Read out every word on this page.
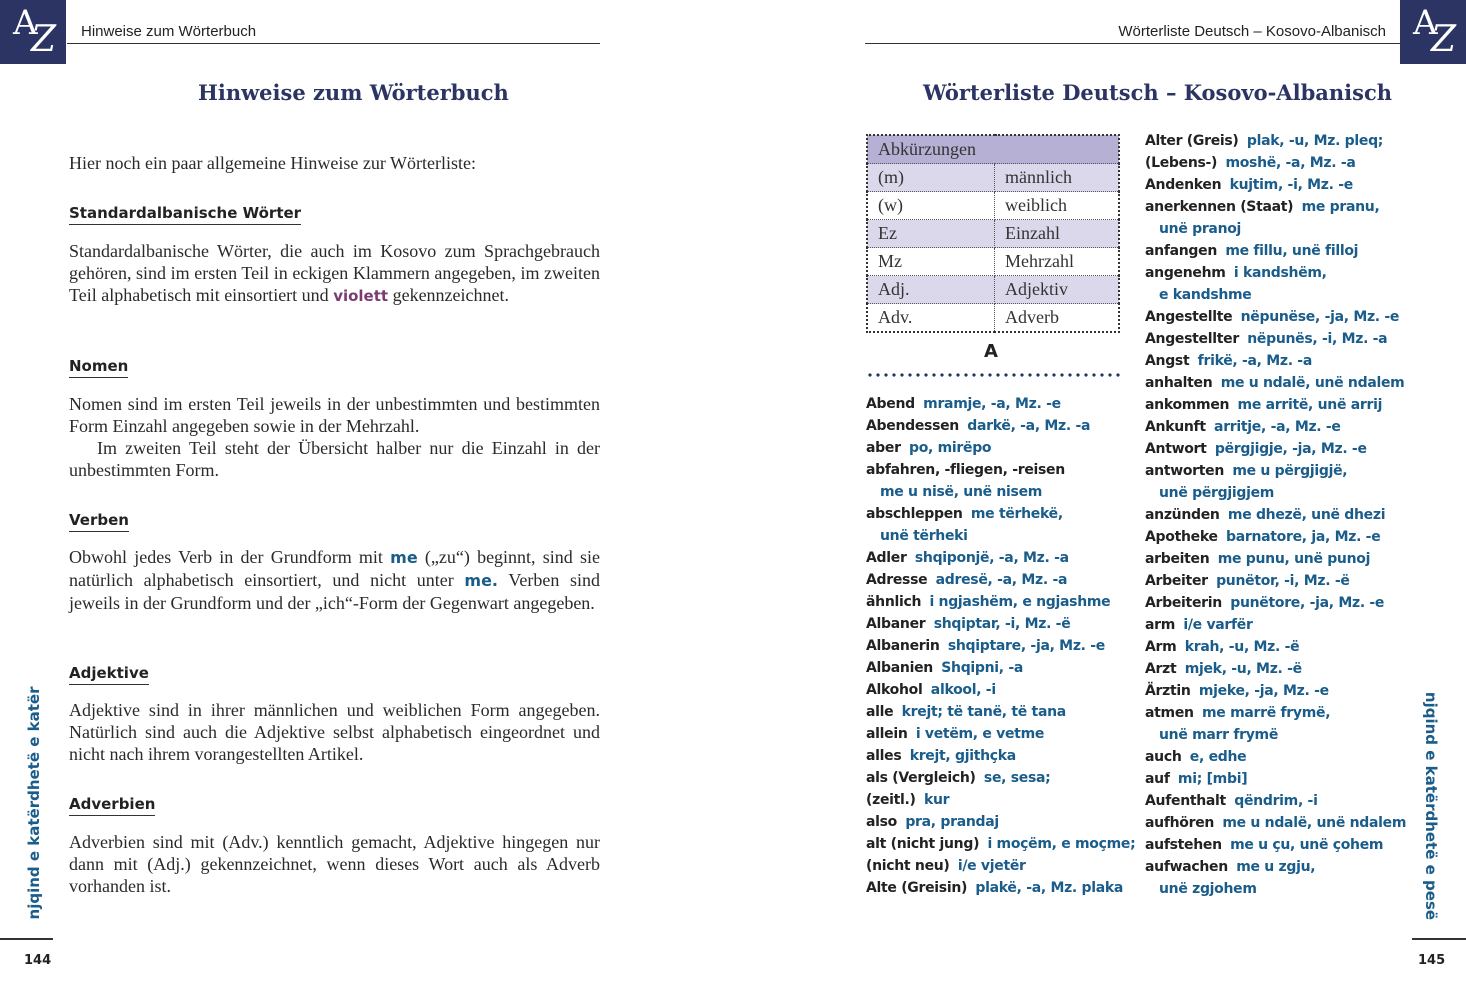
A
Z Hinweise zum Wörterbuch
Hinweise zum Wörterbuch
Hier noch ein paar allgemeine Hinweise zur Wörterliste:
Standardalbanische Wörter
Standardalbanische Wörter, die auch im Kosovo zum Sprachgebrauch gehören, sind im ersten Teil in eckigen Klammern angegeben, im zweiten Teil alphabetisch mit einsortiert und violett gekennzeichnet.
Nomen

Nomen sind im ersten Teil jeweils in der unbestimmten und bestimmten Form Einzahl angegeben sowie in der Mehrzahl.

Im zweiten Teil steht der Übersicht halber nur die Einzahl in der unbestimmten Form.

Verben
Obwohl jedes Verb in der Grundform mit me („zu“) beginnt, sind sie natürlich alphabetisch einsortiert, und nicht unter me. Verben sind jeweils in der Grundform und der „ich“-Form der Gegenwart angegeben.
Adjektive
Adjektive sind in ihrer männlichen und weiblichen Form angegeben. Natürlich sind auch die Adjektive selbst alphabetisch eingeordnet und nicht nach ihrem vorangestellten Artikel.
Adverbien
Adverbien sind mit (Adv.) kenntlich gemacht, Adjektive hingegen nur dann mit (Adj.) gekennzeichnet, wenn dieses Wort auch als Adverb vorhanden ist.
njqind e katërdhetë e katër
144
A
Z
Wörterliste Deutsch – Kosovo-Albanisch
Wörterliste Deutsch – Kosovo-Albanisch
Abkürzungen	
(m)	männlich
(w)	weiblich
Ez	Einzahl
Mz	Mehrzahl
Adj.	Adjektiv
Adv.	Adverb
A
Abend mramje, -a, Mz. -e
Abendessen darkë, -a, Mz. -a
aber po, mirëpo
abfahren, -fliegen, -reisen
me u nisë, unë nisem
abschleppen me tërhekë,
unë tërheki
Adler shqiponjë, -a, Mz. -a
Adresse adresë, -a, Mz. -a
ähnlich i ngjashëm, e ngjashme
Albaner shqiptar, -i, Mz. -ë
Albanerin shqiptare, -ja, Mz. -e
Albanien Shqipni, -a
Alkohol alkool, -i
alle krejt; të tanë, të tana
allein i vetëm, e vetme
alles krejt, gjithçka
als (Vergleich) se, sesa;
(zeitl.) kur
also pra, prandaj
alt (nicht jung) i moçëm, e moçme;
(nicht neu) i/e vjetër
Alte (Greisin) plakë, -a, Mz. plaka
Alter (Greis) plak, -u, Mz. pleq;
(Lebens-) moshë, -a, Mz. -a
Andenken kujtim, -i, Mz. -e
anerkennen (Staat) me pranu,
unë pranoj
anfangen me fillu, unë filloj
angenehm i kandshëm,
e kandshme
Angestellte nëpunëse, -ja, Mz. -e
Angestellter nëpunës, -i, Mz. -a
Angst frikë, -a, Mz. -a
anhalten me u ndalë, unë ndalem
ankommen me arritë, unë arrij
Ankunft arritje, -a, Mz. -e
Antwort përgjigje, -ja, Mz. -e
antworten me u përgjigjë,
unë përgjigjem
anzünden me dhezë, unë dhezi
Apotheke barnatore, ja, Mz. -e
arbeiten me punu, unë punoj
Arbeiter punëtor, -i, Mz. -ë
Arbeiterin punëtore, -ja, Mz. -e
arm i/e varfër
Arm krah, -u, Mz. -ë
Arzt mjek, -u, Mz. -ë
Ärztin mjeke, -ja, Mz. -e
atmen me marrë frymë,
unë marr frymë
auch e, edhe
auf mi; [mbi]
Aufenthalt qëndrim, -i
aufhören me u ndalë, unë ndalem
aufstehen me u çu, unë çohem
aufwachen me u zgju,
unë zgjohem	njqind e katërdhetë e pesë
145
